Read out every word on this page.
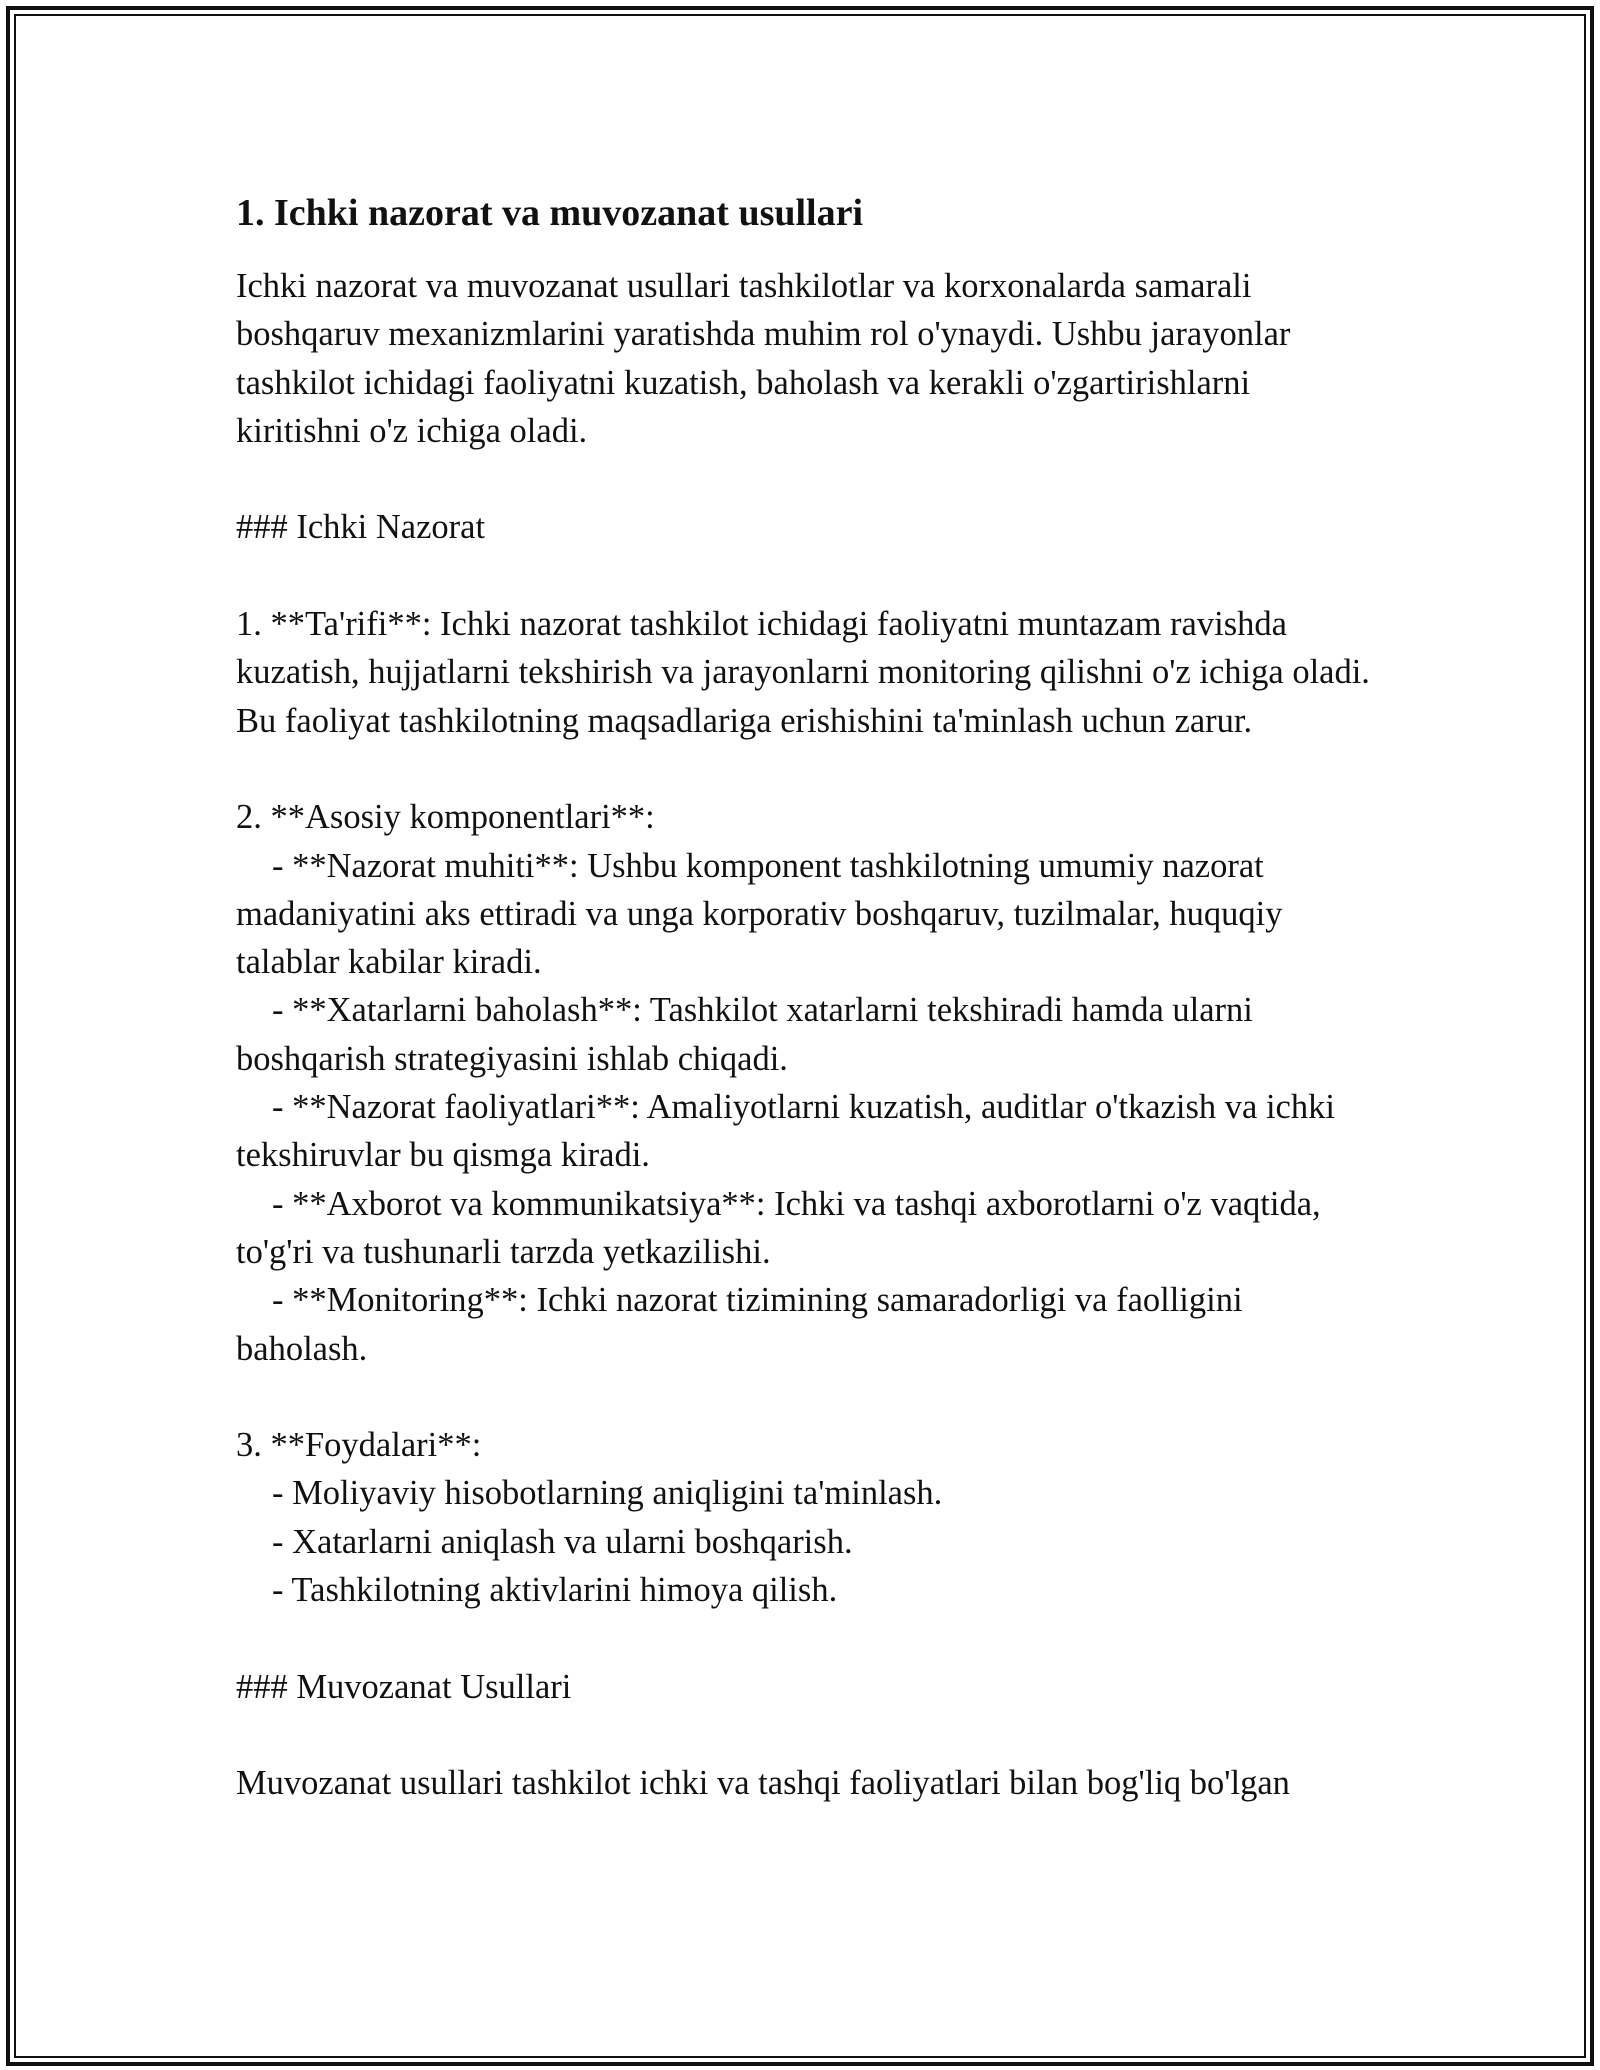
1. Ichki nazorat va muvozanat usullari

Ichki nazorat va muvozanat usullari tashkilotlar va korxonalarda samarali boshqaruv mexanizmlarini yaratishda muhim rol o'ynaydi. Ushbu jarayonlar tashkilot ichidagi faoliyatni kuzatish, baholash va kerakli o'zgartirishlarni kiritishni o'z ichiga oladi.

### Ichki Nazorat

1. **Ta'rifi**: Ichki nazorat tashkilot ichidagi faoliyatni muntazam ravishda kuzatish, hujjatlarni tekshirish va jarayonlarni monitoring qilishni o'z ichiga oladi. Bu faoliyat tashkilotning maqsadlariga erishishini ta'minlash uchun zarur.

2. **Asosiy komponentlari**:

- **Nazorat muhiti**: Ushbu komponent tashkilotning umumiy nazorat madaniyatini aks ettiradi va unga korporativ boshqaruv, tuzilmalar, huquqiy talablar kabilar kiradi.

- **Xatarlarni baholash**: Tashkilot xatarlarni tekshiradi hamda ularni boshqarish strategiyasini ishlab chiqadi.

- **Nazorat faoliyatlari**: Amaliyotlarni kuzatish, auditlar o'tkazish va ichki tekshiruvlar bu qismga kiradi.

- **Axborot va kommunikatsiya**: Ichki va tashqi axborotlarni o'z vaqtida, to'g'ri va tushunarli tarzda yetkazilishi.

- **Monitoring**: Ichki nazorat tizimining samaradorligi va faolligini baholash.

3. **Foydalari**:

- Moliyaviy hisobotlarning aniqligini ta'minlash.

- Xatarlarni aniqlash va ularni boshqarish.

- Tashkilotning aktivlarini himoya qilish.

### Muvozanat Usullari

Muvozanat usullari tashkilot ichki va tashqi faoliyatlari bilan bog'liq bo'lgan
